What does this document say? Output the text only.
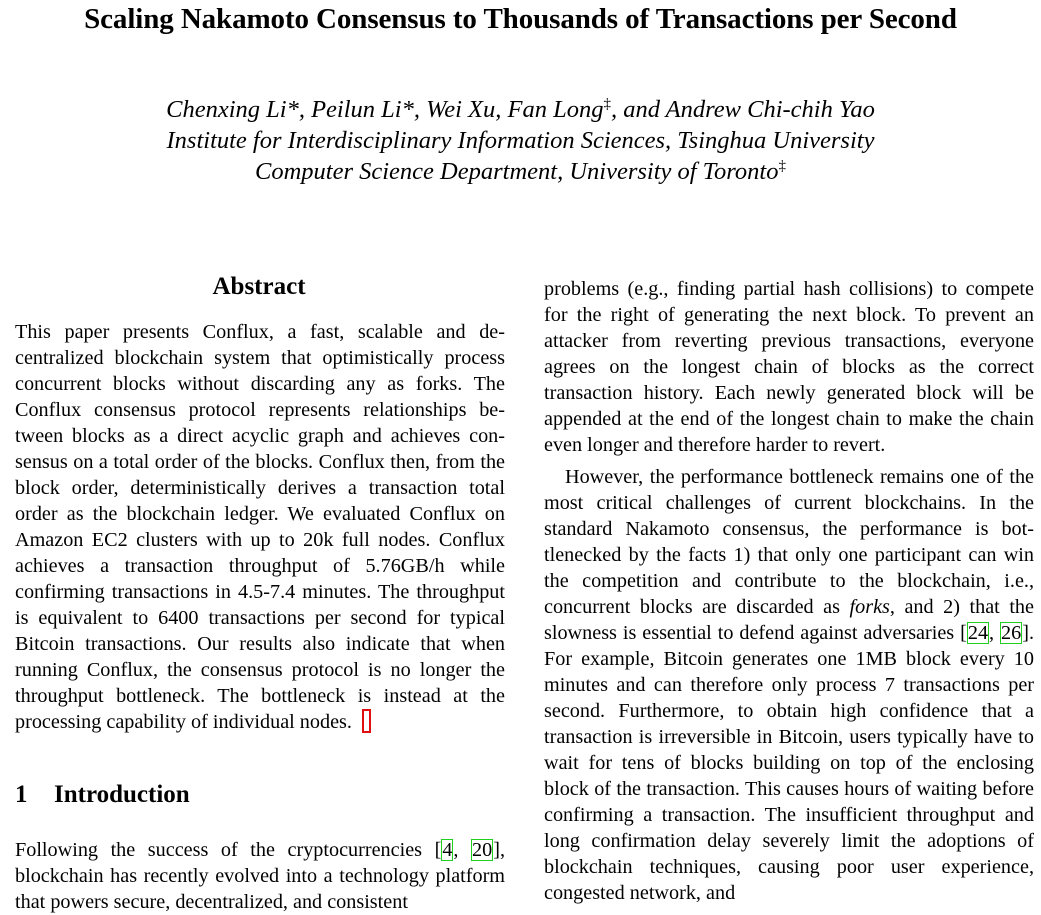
Scaling Nakamoto Consensus to Thousands of Transactions per Second
Chenxing Li*, Peilun Li*, Wei Xu, Fan Long‡, and Andrew Chi-chih Yao
Institute for Interdisciplinary Information Sciences, Tsinghua University
Computer Science Department, University of Toronto‡
Abstract

This paper presents Conflux, a fast, scalable and decentralized blockchain system that optimistically process concurrent blocks without discarding any as forks. The Conflux consensus protocol represents relationships between blocks as a direct acyclic graph and achieves consensus on a total order of the blocks. Conflux then, from the block order, deterministically derives a transaction total order as the blockchain ledger. We evaluated Conflux on Amazon EC2 clusters with up to 20k full nodes. Conflux achieves a transaction throughput of 5.76GB/h while confirming transactions in 4.5-7.4 minutes. The throughput is equivalent to 6400 transactions per second for typical Bitcoin transactions. Our results also indicate that when running Conflux, the consensus protocol is no longer the throughput bottleneck. The bottleneck is instead at the processing capability of individual nodes.

1 Introduction

Following the success of the cryptocurrencies [4, 20], blockchain has recently evolved into a technology platform that powers secure, decentralized, and consistent

problems (e.g., finding partial hash collisions) to compete for the right of generating the next block. To prevent an attacker from reverting previous transactions, everyone agrees on the longest chain of blocks as the correct transaction history. Each newly generated block will be appended at the end of the longest chain to make the chain even longer and therefore harder to revert.

However, the performance bottleneck remains one of the most critical challenges of current blockchains. In the standard Nakamoto consensus, the performance is bottlenecked by the facts 1) that only one participant can win the competition and contribute to the blockchain, i.e., concurrent blocks are discarded as forks, and 2) that the slowness is essential to defend against adversaries [24, 26]. For example, Bitcoin generates one 1MB block every 10 minutes and can therefore only process 7 transactions per second. Furthermore, to obtain high confidence that a transaction is irreversible in Bitcoin, users typically have to wait for tens of blocks building on top of the enclosing block of the transaction. This causes hours of waiting before confirming a transaction. The insufficient throughput and long confirmation delay severely limit the adoptions of blockchain techniques, causing poor user experience, congested network, and
